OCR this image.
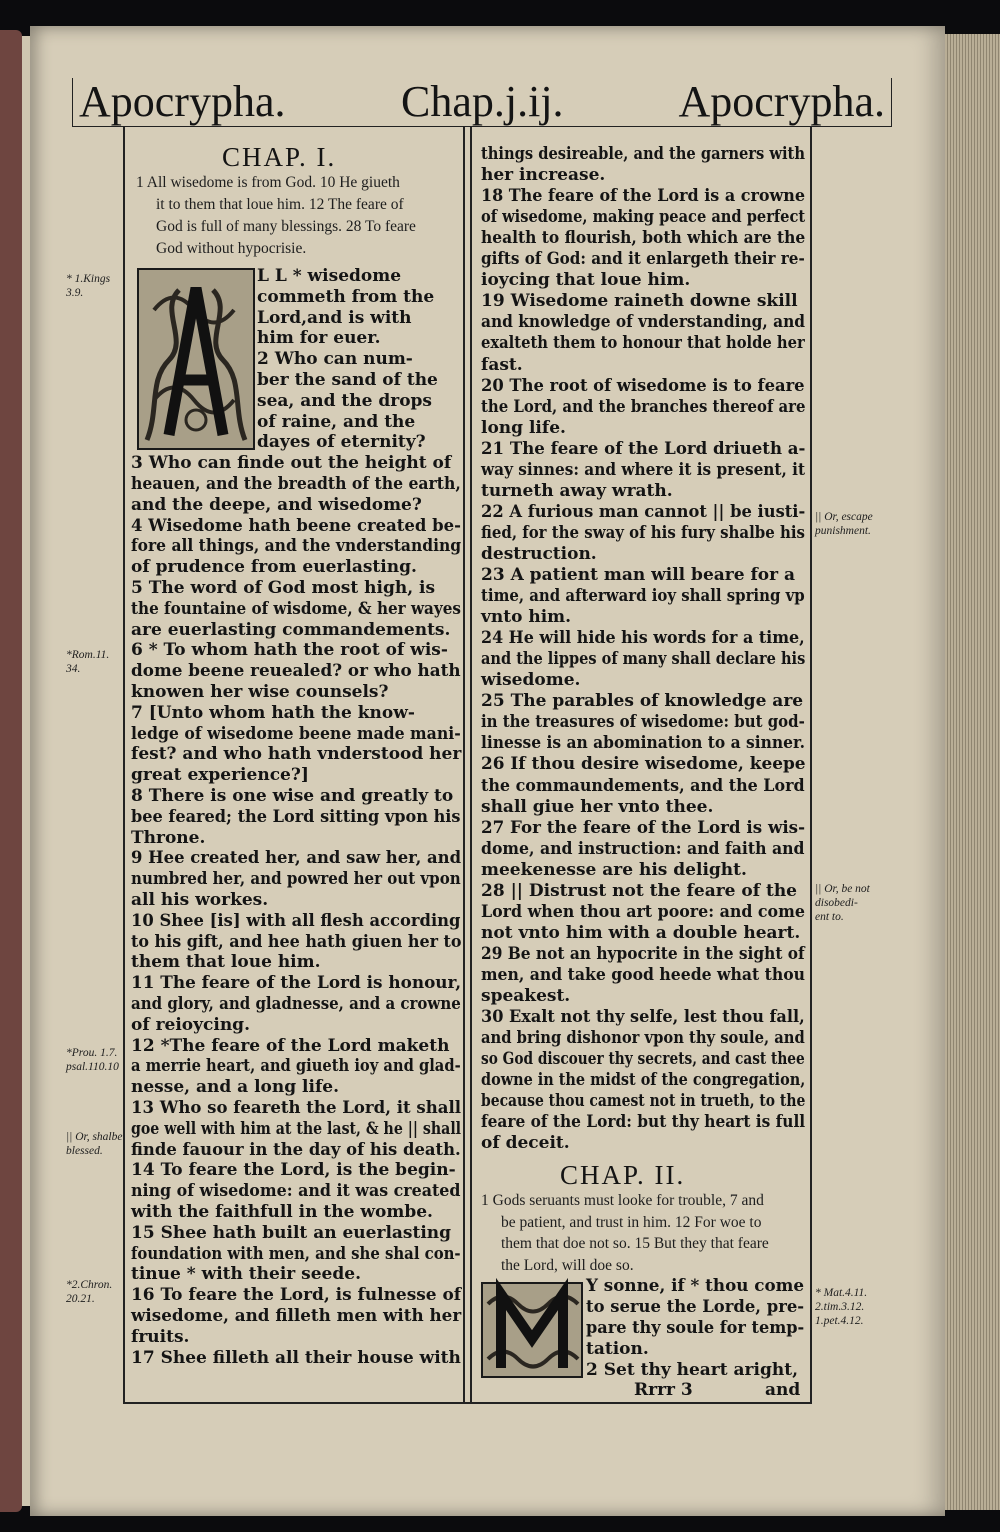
Apocrypha.	Chap.j.ij.	Apocrypha.
CHAP. I.
1 All wisedome is from God. 10 He giueth
it to them that loue him. 12 The feare of
God is full of many blessings. 28 To feare
God without hypocrisie.
L L * wisedome
commeth from the
Lord,and is with
him for euer.
2 Who can num-
ber the sand of the
sea, and the drops
of raine, and the
dayes of eternity?
3 Who can finde out the height of
heauen, and the breadth of the earth,
and the deepe, and wisedome?
4 Wisedome hath beene created be-
fore all things, and the vnderstanding
of prudence from euerlasting.
5 The word of God most high, is
the fountaine of wisdome, & her wayes
are euerlasting commandements.
6 * To whom hath the root of wis-
dome beene reuealed? or who hath
knowen her wise counsels?
7 [Unto whom hath the know-
ledge of wisedome beene made mani-
fest? and who hath vnderstood her
great experience?]
8 There is one wise and greatly to
bee feared; the Lord sitting vpon his
Throne.
9 Hee created her, and saw her, and
numbred her, and powred her out vpon
all his workes.
10 Shee [is] with all flesh according
to his gift, and hee hath giuen her to
them that loue him.
11 The feare of the Lord is honour,
and glory, and gladnesse, and a crowne
of reioycing.
12 *The feare of the Lord maketh
a merrie heart, and giueth ioy and glad-
nesse, and a long life.
13 Who so feareth the Lord, it shall
goe well with him at the last, & he || shall
finde fauour in the day of his death.
14 To feare the Lord, is the begin-
ning of wisedome: and it was created
with the faithfull in the wombe.
15 Shee hath built an euerlasting
foundation with men, and she shal con-
tinue * with their seede.
16 To feare the Lord, is fulnesse of
wisedome, and filleth men with her
fruits.
17 Shee filleth all their house with
* 1.Kings
3.9.
*Rom.11.
34.
*Prou. 1.7.
psal.110.10
|| Or, shalbe
blessed.
*2.Chron.
20.21.
things desireable, and the garners with
her increase.
18 The feare of the Lord is a crowne
of wisedome, making peace and perfect
health to flourish, both which are the
gifts of God: and it enlargeth their re-
ioycing that loue him.
19 Wisedome raineth downe skill
and knowledge of vnderstanding, and
exalteth them to honour that holde her
fast.
20 The root of wisedome is to feare
the Lord, and the branches thereof are
long life.
21 The feare of the Lord driueth a-
way sinnes: and where it is present, it
turneth away wrath.
22 A furious man cannot || be iusti-
fied, for the sway of his fury shalbe his
destruction.
23 A patient man will beare for a
time, and afterward ioy shall spring vp
vnto him.
24 He will hide his words for a time,
and the lippes of many shall declare his
wisedome.
25 The parables of knowledge are
in the treasures of wisedome: but god-
linesse is an abomination to a sinner.
26 If thou desire wisedome, keepe
the commaundements, and the Lord
shall giue her vnto thee.
27 For the feare of the Lord is wis-
dome, and instruction: and faith and
meekenesse are his delight.
28 || Distrust not the feare of the
Lord when thou art poore: and come
not vnto him with a double heart.
29 Be not an hypocrite in the sight of
men, and take good heede what thou
speakest.
30 Exalt not thy selfe, lest thou fall,
and bring dishonor vpon thy soule, and
so God discouer thy secrets, and cast thee
downe in the midst of the congregation,
because thou camest not in trueth, to the
feare of the Lord: but thy heart is full
of deceit.
|| Or, escape
punishment.
|| Or, be not
disobedi-
ent to.
* Mat.4.11.
2.tim.3.12.
1.pet.4.12.
CHAP. II.
1 Gods seruants must looke for trouble, 7 and
be patient, and trust in him. 12 For woe to
them that doe not so. 15 But they that feare
the Lord, will doe so.
Y sonne, if * thou come
to serue the Lorde, pre-
pare thy soule for temp-
tation.
2 Set thy heart aright,
Rrrr 3	and
